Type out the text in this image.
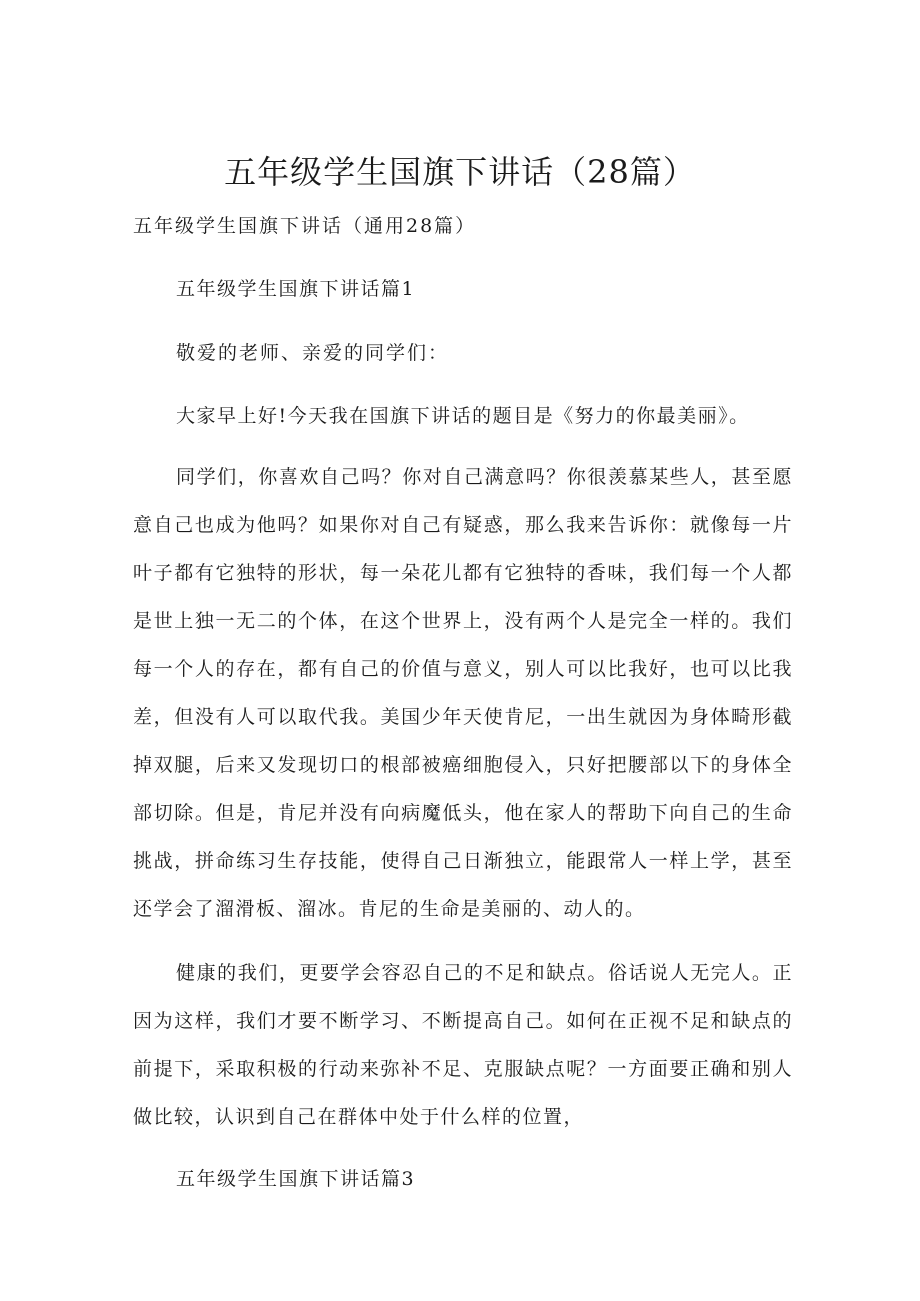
五年级学生国旗下讲话（28篇）
五年级学生国旗下讲话（通用28篇）
五年级学生国旗下讲话篇1
敬爱的老师、亲爱的同学们：
大家早上好!今天我在国旗下讲话的题目是《努力的你最美丽》。
同学们，你喜欢自己吗？你对自己满意吗？你很羡慕某些人，甚至愿意自己也成为他吗？如果你对自己有疑惑，那么我来告诉你：就像每一片叶子都有它独特的形状，每一朵花儿都有它独特的香味，我们每一个人都是世上独一无二的个体，在这个世界上，没有两个人是完全一样的。我们每一个人的存在，都有自己的价值与意义，别人可以比我好，也可以比我差，但没有人可以取代我。美国少年天使肯尼，一出生就因为身体畸形截掉双腿，后来又发现切口的根部被癌细胞侵入，只好把腰部以下的身体全部切除。但是，肯尼并没有向病魔低头，他在家人的帮助下向自己的生命挑战，拼命练习生存技能，使得自己日渐独立，能跟常人一样上学，甚至还学会了溜滑板、溜冰。肯尼的生命是美丽的、动人的。
健康的我们，更要学会容忍自己的不足和缺点。俗话说人无完人。正因为这样，我们才要不断学习、不断提高自己。如何在正视不足和缺点的前提下，采取积极的行动来弥补不足、克服缺点呢？一方面要正确和别人做比较，认识到自己在群体中处于什么样的位置，
五年级学生国旗下讲话篇3
